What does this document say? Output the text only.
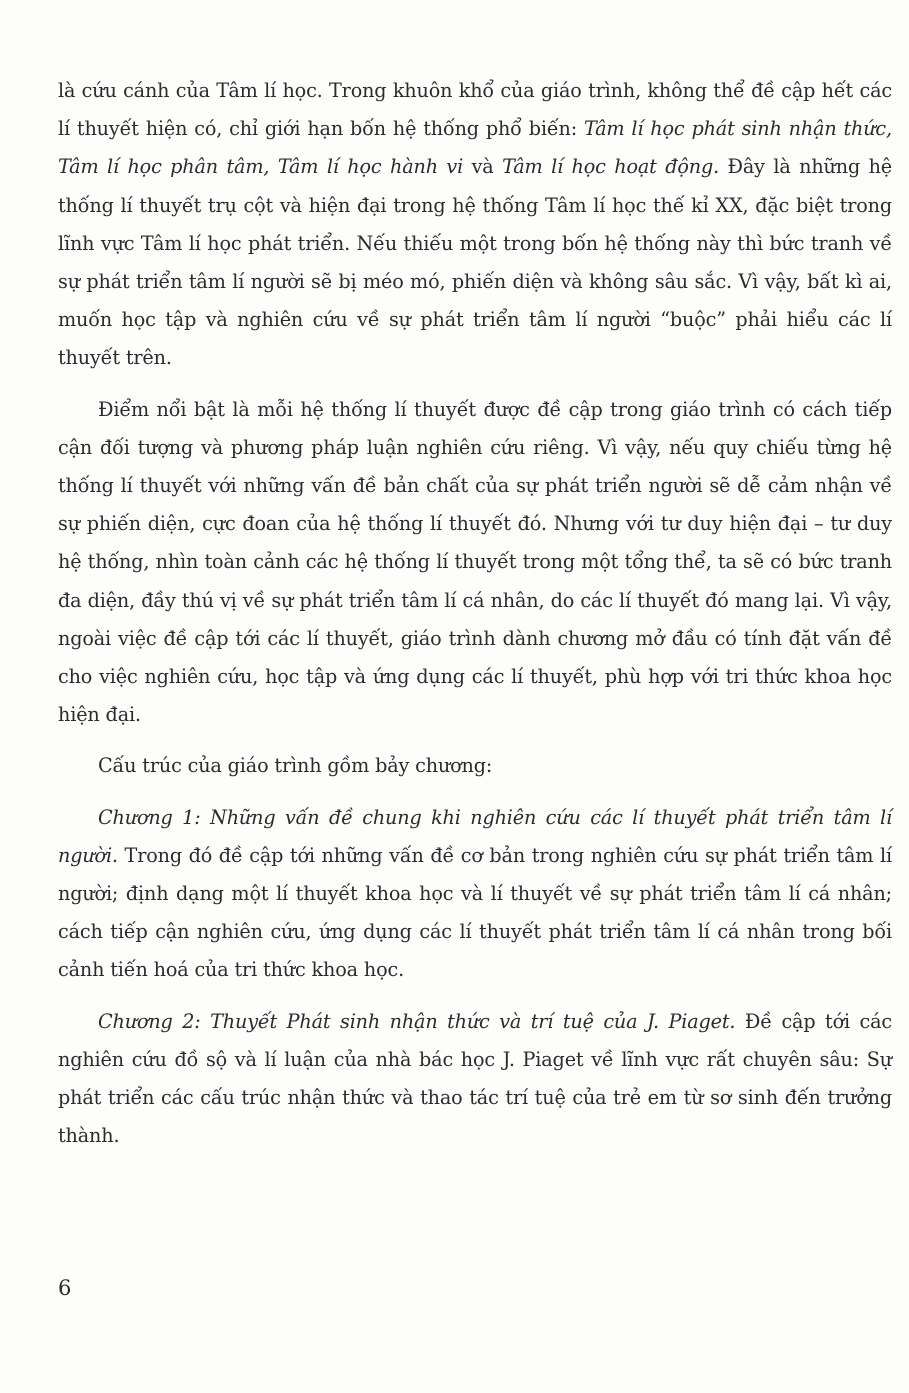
là cứu cánh của Tâm lí học. Trong khuôn khổ của giáo trình, không thể đề cập hết các lí thuyết hiện có, chỉ giới hạn bốn hệ thống phổ biến: Tâm lí học phát sinh nhận thức, Tâm lí học phân tâm, Tâm lí học hành vi và Tâm lí học hoạt động. Đây là những hệ thống lí thuyết trụ cột và hiện đại trong hệ thống Tâm lí học thế kỉ XX, đặc biệt trong lĩnh vực Tâm lí học phát triển. Nếu thiếu một trong bốn hệ thống này thì bức tranh về sự phát triển tâm lí người sẽ bị méo mó, phiến diện và không sâu sắc. Vì vậy, bất kì ai, muốn học tập và nghiên cứu về sự phát triển tâm lí người “buộc” phải hiểu các lí thuyết trên.

Điểm nổi bật là mỗi hệ thống lí thuyết được đề cập trong giáo trình có cách tiếp cận đối tượng và phương pháp luận nghiên cứu riêng. Vì vậy, nếu quy chiếu từng hệ thống lí thuyết với những vấn đề bản chất của sự phát triển người sẽ dễ cảm nhận về sự phiến diện, cực đoan của hệ thống lí thuyết đó. Nhưng với tư duy hiện đại – tư duy hệ thống, nhìn toàn cảnh các hệ thống lí thuyết trong một tổng thể, ta sẽ có bức tranh đa diện, đầy thú vị về sự phát triển tâm lí cá nhân, do các lí thuyết đó mang lại. Vì vậy, ngoài việc đề cập tới các lí thuyết, giáo trình dành chương mở đầu có tính đặt vấn đề cho việc nghiên cứu, học tập và ứng dụng các lí thuyết, phù hợp với tri thức khoa học hiện đại.

Cấu trúc của giáo trình gồm bảy chương:

Chương 1: Những vấn đề chung khi nghiên cứu các lí thuyết phát triển tâm lí người. Trong đó đề cập tới những vấn đề cơ bản trong nghiên cứu sự phát triển tâm lí người; định dạng một lí thuyết khoa học và lí thuyết về sự phát triển tâm lí cá nhân; cách tiếp cận nghiên cứu, ứng dụng các lí thuyết phát triển tâm lí cá nhân trong bối cảnh tiến hoá của tri thức khoa học.

Chương 2: Thuyết Phát sinh nhận thức và trí tuệ của J. Piaget. Đề cập tới các nghiên cứu đồ sộ và lí luận của nhà bác học J. Piaget về lĩnh vực rất chuyên sâu: Sự phát triển các cấu trúc nhận thức và thao tác trí tuệ của trẻ em từ sơ sinh đến trưởng thành.

6
